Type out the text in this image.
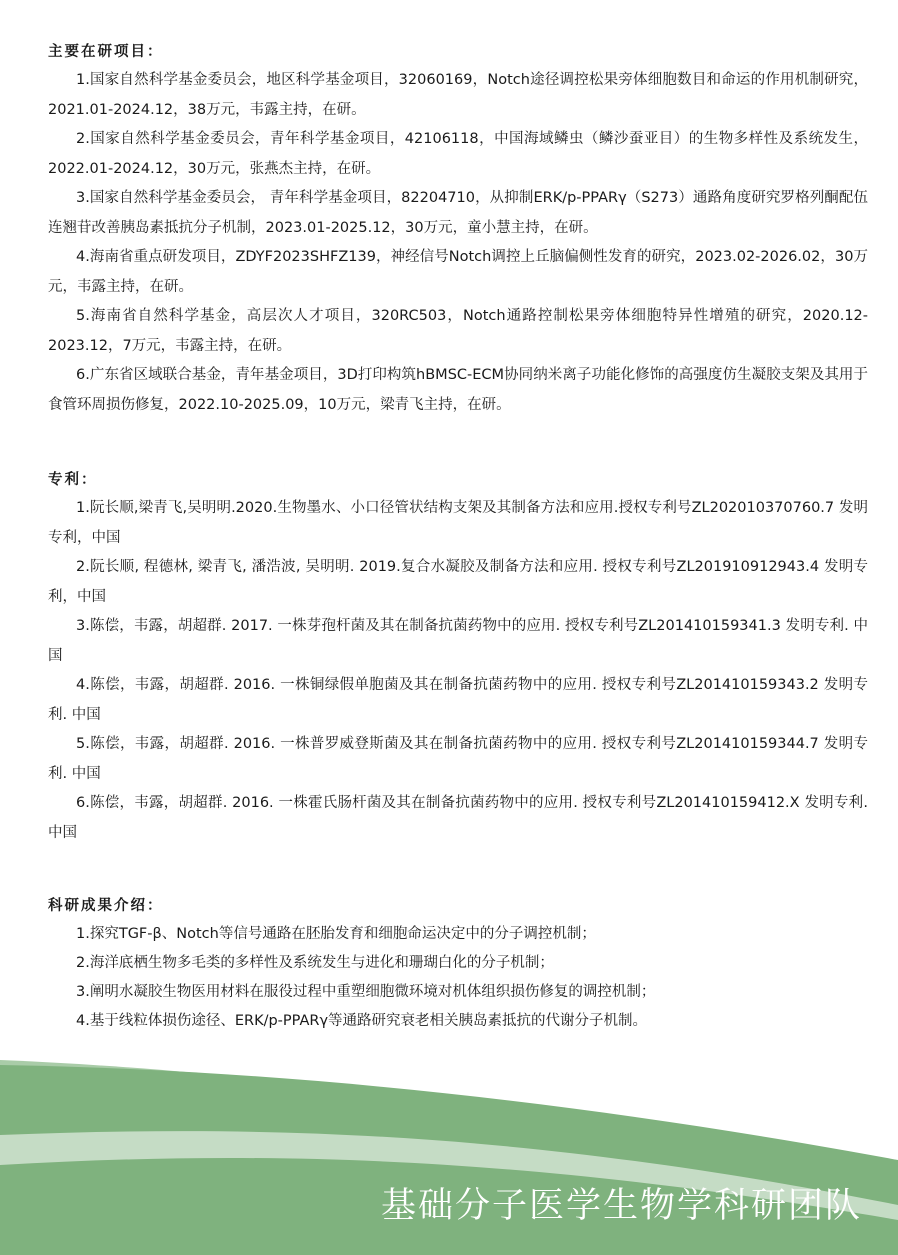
主要在研项目：

1.国家自然科学基金委员会，地区科学基金项目，32060169，Notch途径调控松果旁体细胞数目和命运的作用机制研究，2021.01-2024.12，38万元，韦露主持，在研。

2.国家自然科学基金委员会，青年科学基金项目，42106118，中国海域鳞虫（鳞沙蚕亚目）的生物多样性及系统发生，2022.01-2024.12，30万元，张燕杰主持，在研。

3.国家自然科学基金委员会， 青年科学基金项目，82204710，从抑制ERK/p-PPARγ（S273）通路角度研究罗格列酮配伍连翘苷改善胰岛素抵抗分子机制，2023.01-2025.12，30万元，童小慧主持，在研。

4.海南省重点研发项目，ZDYF2023SHFZ139，神经信号Notch调控上丘脑偏侧性发育的研究，2023.02-2026.02，30万元，韦露主持，在研。

5.海南省自然科学基金，高层次人才项目，320RC503，Notch通路控制松果旁体细胞特异性增殖的研究，2020.12-2023.12，7万元，韦露主持，在研。

6.广东省区域联合基金，青年基金项目，3D打印构筑hBMSC-ECM协同纳米离子功能化修饰的高强度仿生凝胶支架及其用于食管环周损伤修复，2022.10-2025.09，10万元，梁青飞主持，在研。

专利：

1.阮长顺,梁青飞,吴明明.2020.生物墨水、小口径管状结构支架及其制备方法和应用.授权专利号ZL202010370760.7 发明专利，中国

2.阮长顺, 程德林, 梁青飞, 潘浩波, 吴明明. 2019.复合水凝胶及制备方法和应用. 授权专利号ZL201910912943.4 发明专利，中国

3.陈偿，韦露，胡超群. 2017. 一株芽孢杆菌及其在制备抗菌药物中的应用. 授权专利号ZL201410159341.3 发明专利. 中国

4.陈偿，韦露，胡超群. 2016. 一株铜绿假单胞菌及其在制备抗菌药物中的应用. 授权专利号ZL201410159343.2 发明专利. 中国

5.陈偿，韦露，胡超群. 2016. 一株普罗威登斯菌及其在制备抗菌药物中的应用. 授权专利号ZL201410159344.7 发明专利. 中国

6.陈偿，韦露，胡超群. 2016. 一株霍氏肠杆菌及其在制备抗菌药物中的应用. 授权专利号ZL201410159412.X 发明专利. 中国

科研成果介绍：

1.探究TGF-β、Notch等信号通路在胚胎发育和细胞命运决定中的分子调控机制；

2.海洋底栖生物多毛类的多样性及系统发生与进化和珊瑚白化的分子机制；

3.阐明水凝胶生物医用材料在服役过程中重塑细胞微环境对机体组织损伤修复的调控机制；

4.基于线粒体损伤途径、ERK/p-PPARγ等通路研究衰老相关胰岛素抵抗的代谢分子机制。

基础分子医学生物学科研团队
